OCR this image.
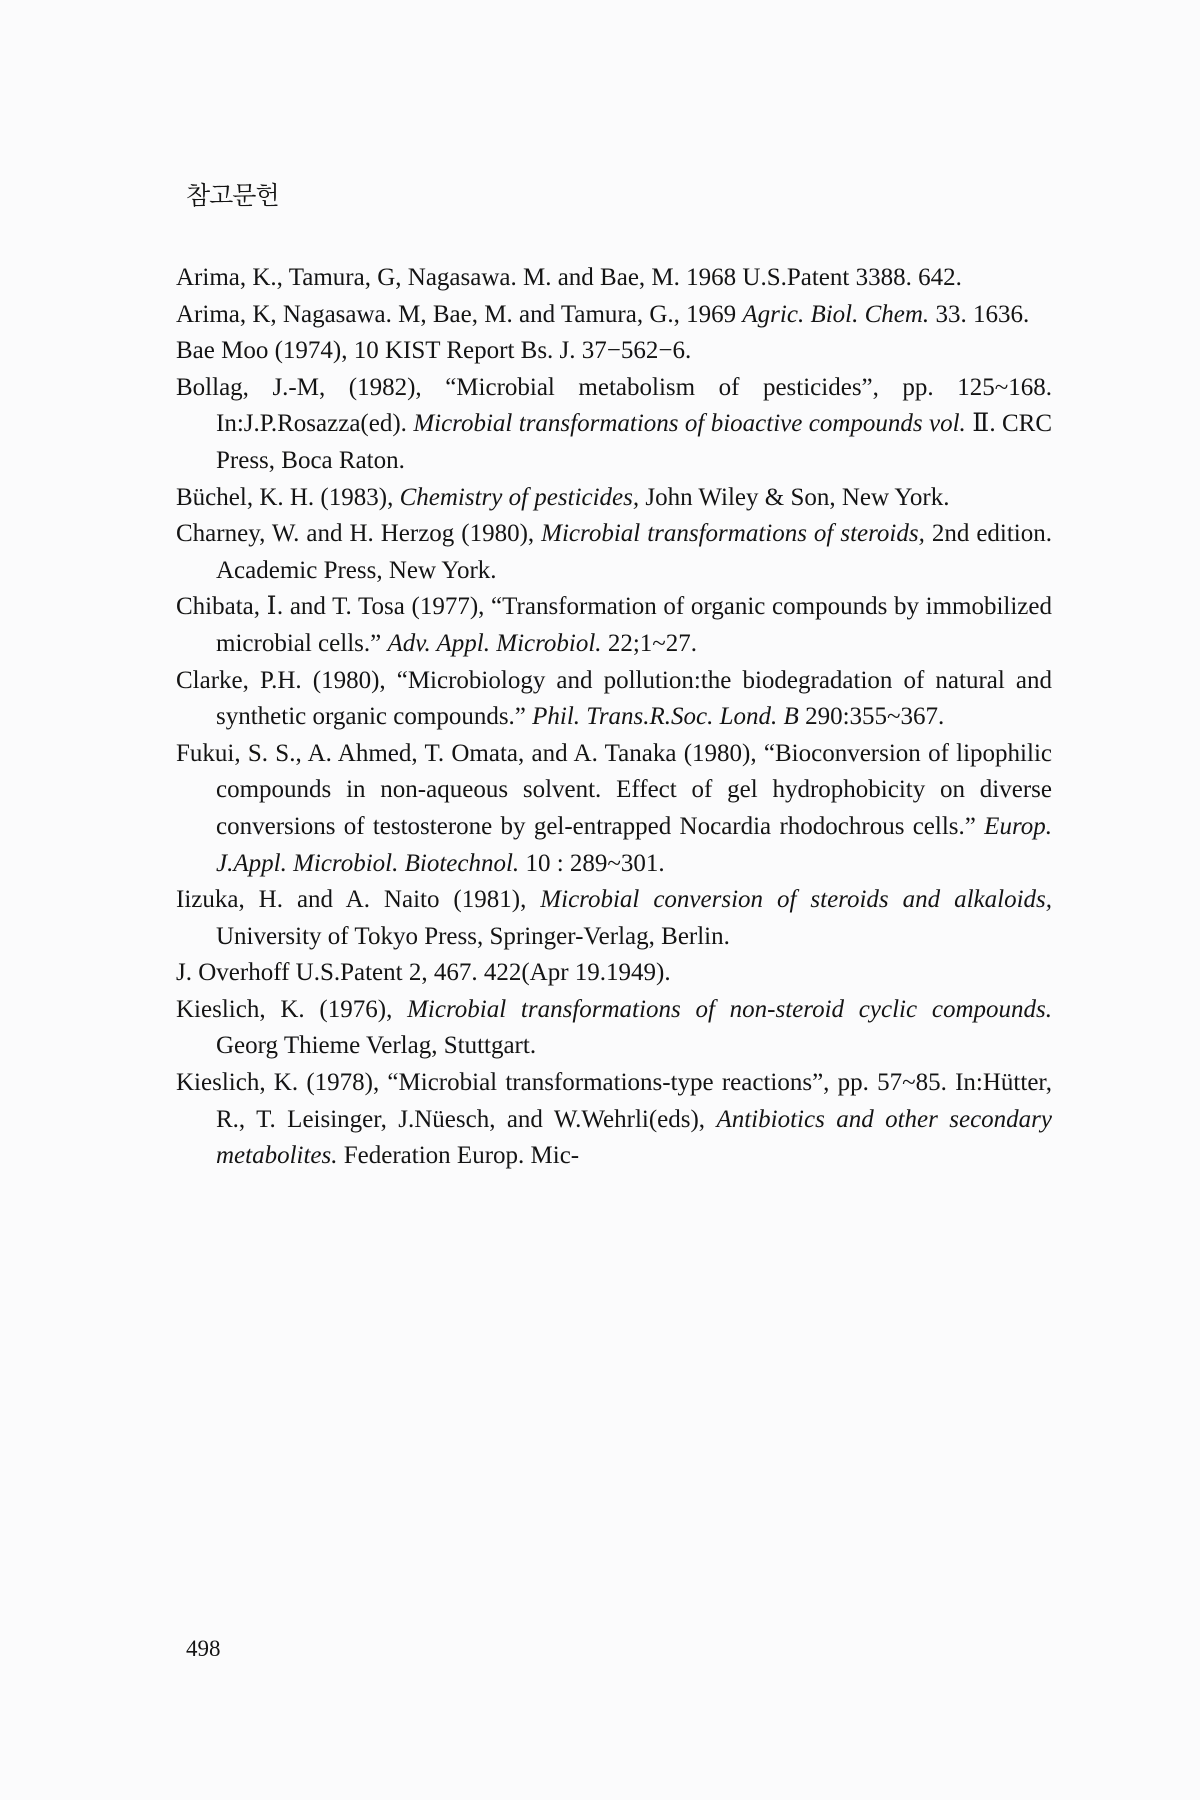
참고문헌

Arima, K., Tamura, G, Nagasawa. M. and Bae, M. 1968 U.S.Patent 3388. 642.

Arima, K, Nagasawa. M, Bae, M. and Tamura, G., 1969 Agric. Biol. Chem. 33. 1636.

Bae Moo (1974), 10 KIST Report Bs. J. 37−562−6.

Bollag, J.-M, (1982), “Microbial metabolism of pesticides”, pp. 125~168. In:J.P.Rosazza(ed). Microbial transformations of bioactive compounds vol. Ⅱ. CRC Press, Boca Raton.

Büchel, K. H. (1983), Chemistry of pesticides, John Wiley & Son, New York.

Charney, W. and H. Herzog (1980), Microbial transformations of steroids, 2nd edition. Academic Press, New York.

Chibata, Ⅰ. and T. Tosa (1977), “Transformation of organic compounds by immobilized microbial cells.” Adv. Appl. Microbiol. 22;1~27.

Clarke, P.H. (1980), “Microbiology and pollution:the biodegradation of natural and synthetic organic compounds.” Phil. Trans.R.Soc. Lond. B 290:355~367.

Fukui, S. S., A. Ahmed, T. Omata, and A. Tanaka (1980), “Bioconversion of lipophilic compounds in non-aqueous solvent. Effect of gel hydrophobicity on diverse conversions of testosterone by gel-entrapped Nocardia rhodochrous cells.” Europ. J.Appl. Microbiol. Biotechnol. 10 : 289~301.

Iizuka, H. and A. Naito (1981), Microbial conversion of steroids and alkaloids, University of Tokyo Press, Springer-Verlag, Berlin.

J. Overhoff U.S.Patent 2, 467. 422(Apr 19.1949).

Kieslich, K. (1976), Microbial transformations of non-steroid cyclic compounds. Georg Thieme Verlag, Stuttgart.

Kieslich, K. (1978), “Microbial transformations-type reactions”, pp. 57~85. In:Hütter, R., T. Leisinger, J.Nüesch, and W.Wehrli(eds), Antibiotics and other secondary metabolites. Federation Europ. Mic-

498
